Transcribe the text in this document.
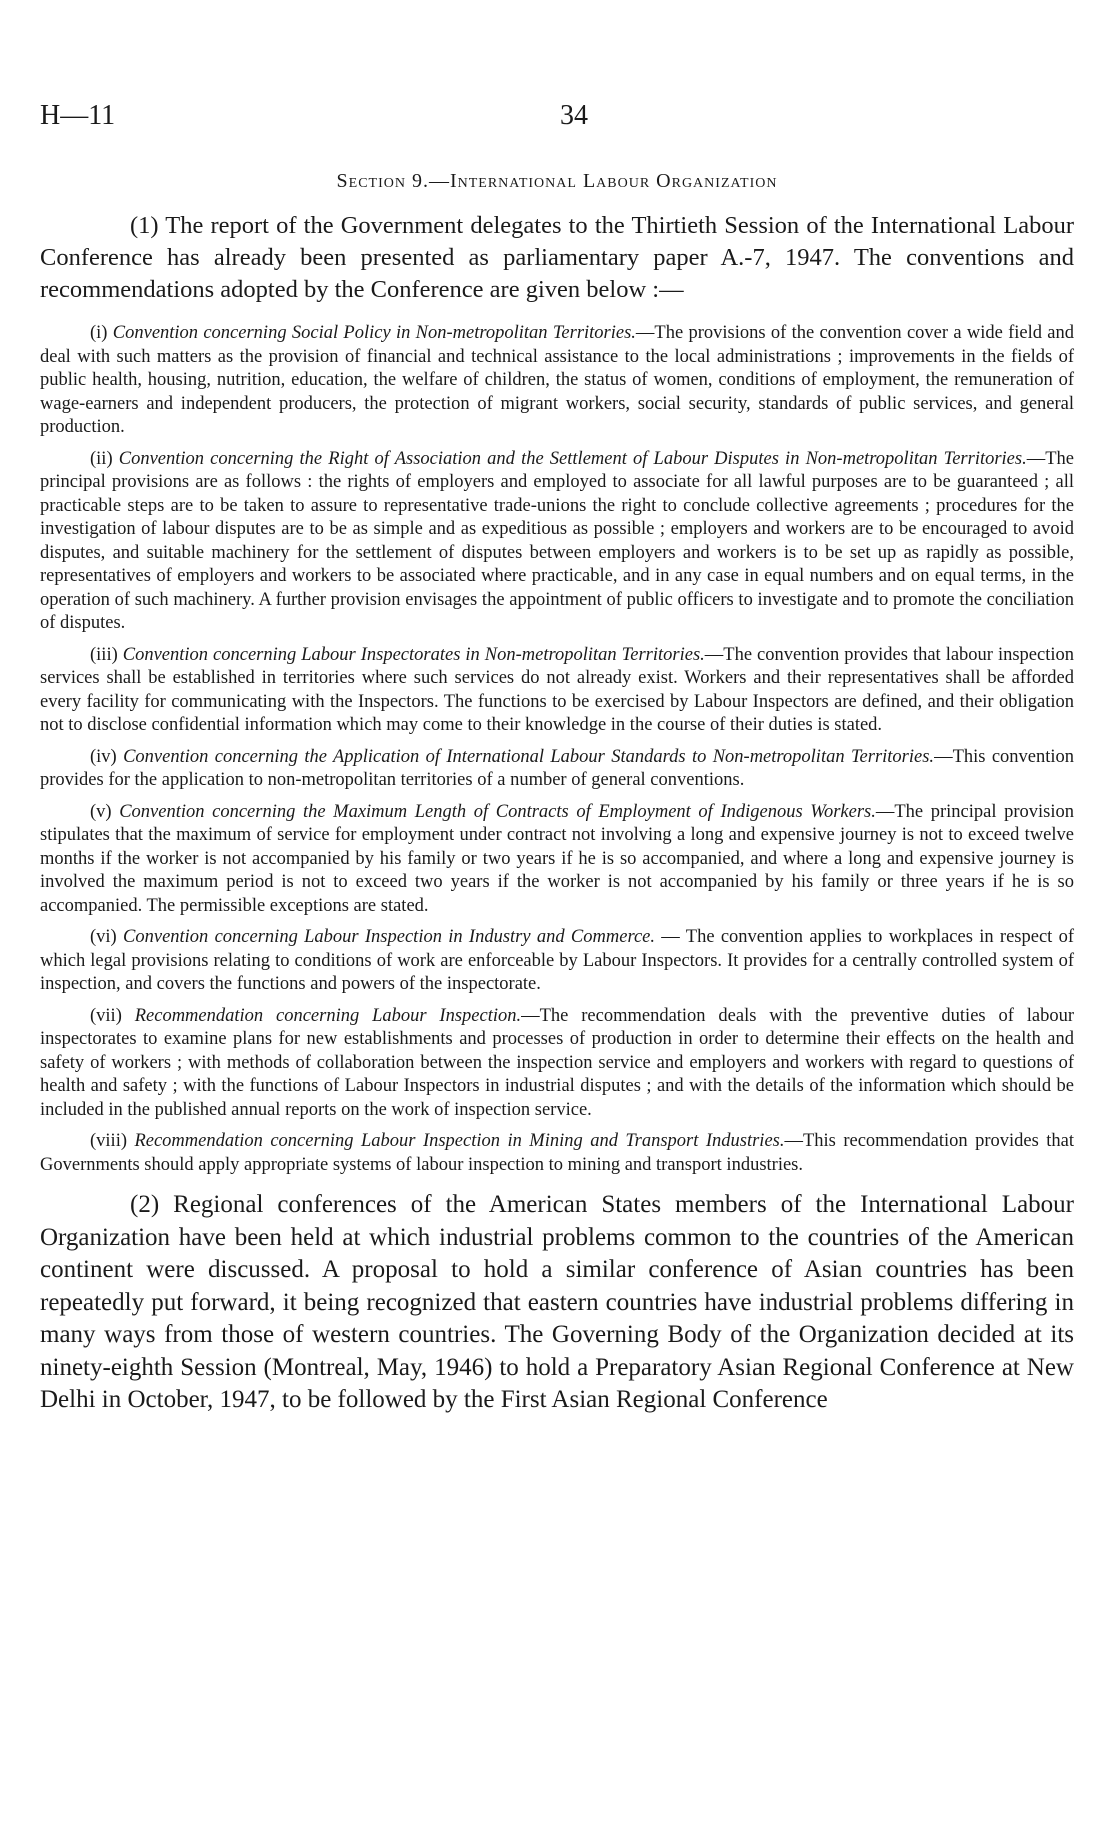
H—11	34
Section 9.—International Labour Organization

(1) The report of the Government delegates to the Thirtieth Session of the International Labour Conference has already been presented as parliamentary paper A.-7, 1947. The conventions and recommendations adopted by the Conference are given below :—

(i) Convention concerning Social Policy in Non-metropolitan Territories.—The provisions of the convention cover a wide field and deal with such matters as the provision of financial and technical assistance to the local administrations ; improvements in the fields of public health, housing, nutrition, education, the welfare of children, the status of women, conditions of employment, the remuneration of wage-earners and independent producers, the protection of migrant workers, social security, standards of public services, and general production.

(ii) Convention concerning the Right of Association and the Settlement of Labour Disputes in Non-metropolitan Territories.—The principal provisions are as follows : the rights of employers and employed to associate for all lawful purposes are to be guaranteed ; all practicable steps are to be taken to assure to representative trade-unions the right to conclude collective agreements ; procedures for the investigation of labour disputes are to be as simple and as expeditious as possible ; employers and workers are to be encouraged to avoid disputes, and suitable machinery for the settlement of disputes between employers and workers is to be set up as rapidly as possible, representatives of employers and workers to be associated where practicable, and in any case in equal numbers and on equal terms, in the operation of such machinery. A further provision envisages the appointment of public officers to investigate and to promote the conciliation of disputes.

(iii) Convention concerning Labour Inspectorates in Non-metropolitan Territories.—The convention provides that labour inspection services shall be established in territories where such services do not already exist. Workers and their representatives shall be afforded every facility for communicating with the Inspectors. The functions to be exercised by Labour Inspectors are defined, and their obligation not to disclose confidential information which may come to their knowledge in the course of their duties is stated.

(iv) Convention concerning the Application of International Labour Standards to Non-metropolitan Territories.—This convention provides for the application to non-metropolitan territories of a number of general conventions.

(v) Convention concerning the Maximum Length of Contracts of Employment of Indigenous Workers.—The principal provision stipulates that the maximum of service for employment under contract not involving a long and expensive journey is not to exceed twelve months if the worker is not accompanied by his family or two years if he is so accompanied, and where a long and expensive journey is involved the maximum period is not to exceed two years if the worker is not accompanied by his family or three years if he is so accompanied. The permissible exceptions are stated.

(vi) Convention concerning Labour Inspection in Industry and Commerce. — The convention applies to workplaces in respect of which legal provisions relating to conditions of work are enforceable by Labour Inspectors. It provides for a centrally controlled system of inspection, and covers the functions and powers of the inspectorate.

(vii) Recommendation concerning Labour Inspection.—The recommendation deals with the preventive duties of labour inspectorates to examine plans for new establishments and processes of production in order to determine their effects on the health and safety of workers ; with methods of collaboration between the inspection service and employers and workers with regard to questions of health and safety ; with the functions of Labour Inspectors in industrial disputes ; and with the details of the information which should be included in the published annual reports on the work of inspection service.

(viii) Recommendation concerning Labour Inspection in Mining and Transport Industries.—This recommendation provides that Governments should apply appropriate systems of labour inspection to mining and transport industries.

(2) Regional conferences of the American States members of the International Labour Organization have been held at which industrial problems common to the countries of the American continent were discussed. A proposal to hold a similar conference of Asian countries has been repeatedly put forward, it being recognized that eastern countries have industrial problems differing in many ways from those of western countries. The Governing Body of the Organization decided at its ninety-eighth Session (Montreal, May, 1946) to hold a Preparatory Asian Regional Conference at New Delhi in October, 1947, to be followed by the First Asian Regional Conference
